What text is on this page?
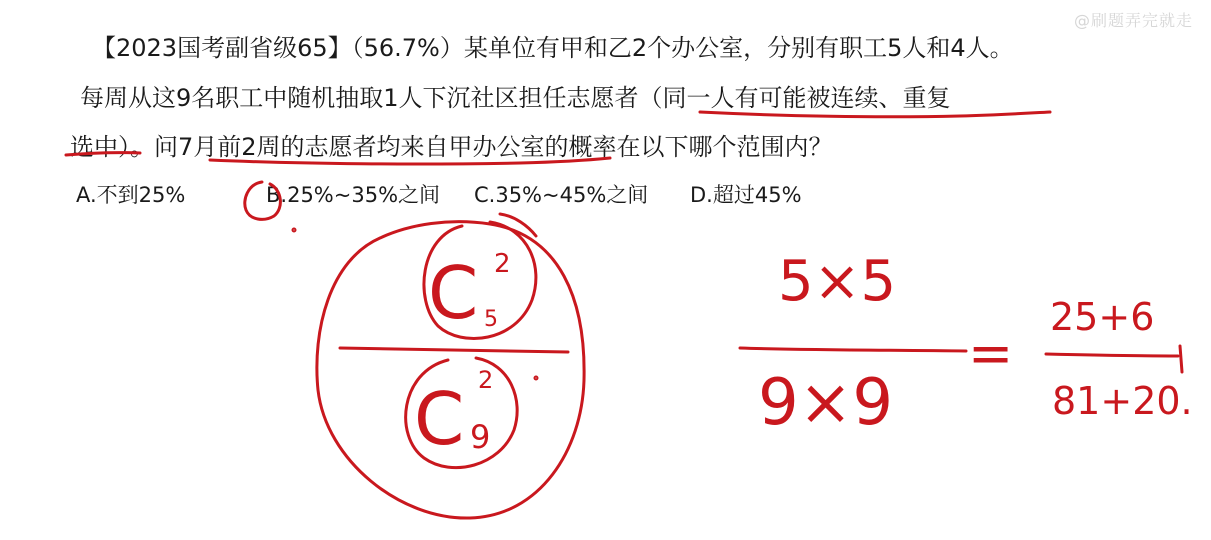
@刷题弄完就走
【2023国考副省级65】（56.7%）某单位有甲和乙2个办公室，分别有职工5人和4人。
每周从这9名职工中随机抽取1人下沉社区担任志愿者（同一人有可能被连续、重复
选中）。问7月前2周的志愿者均来自甲办公室的概率在以下哪个范围内？
A.不到25%	B.25%~35%之间 C.35%~45%之间 D.超过45%
C 2
5
C 2
9
5×5
9×9
=
25+6
81+20.
